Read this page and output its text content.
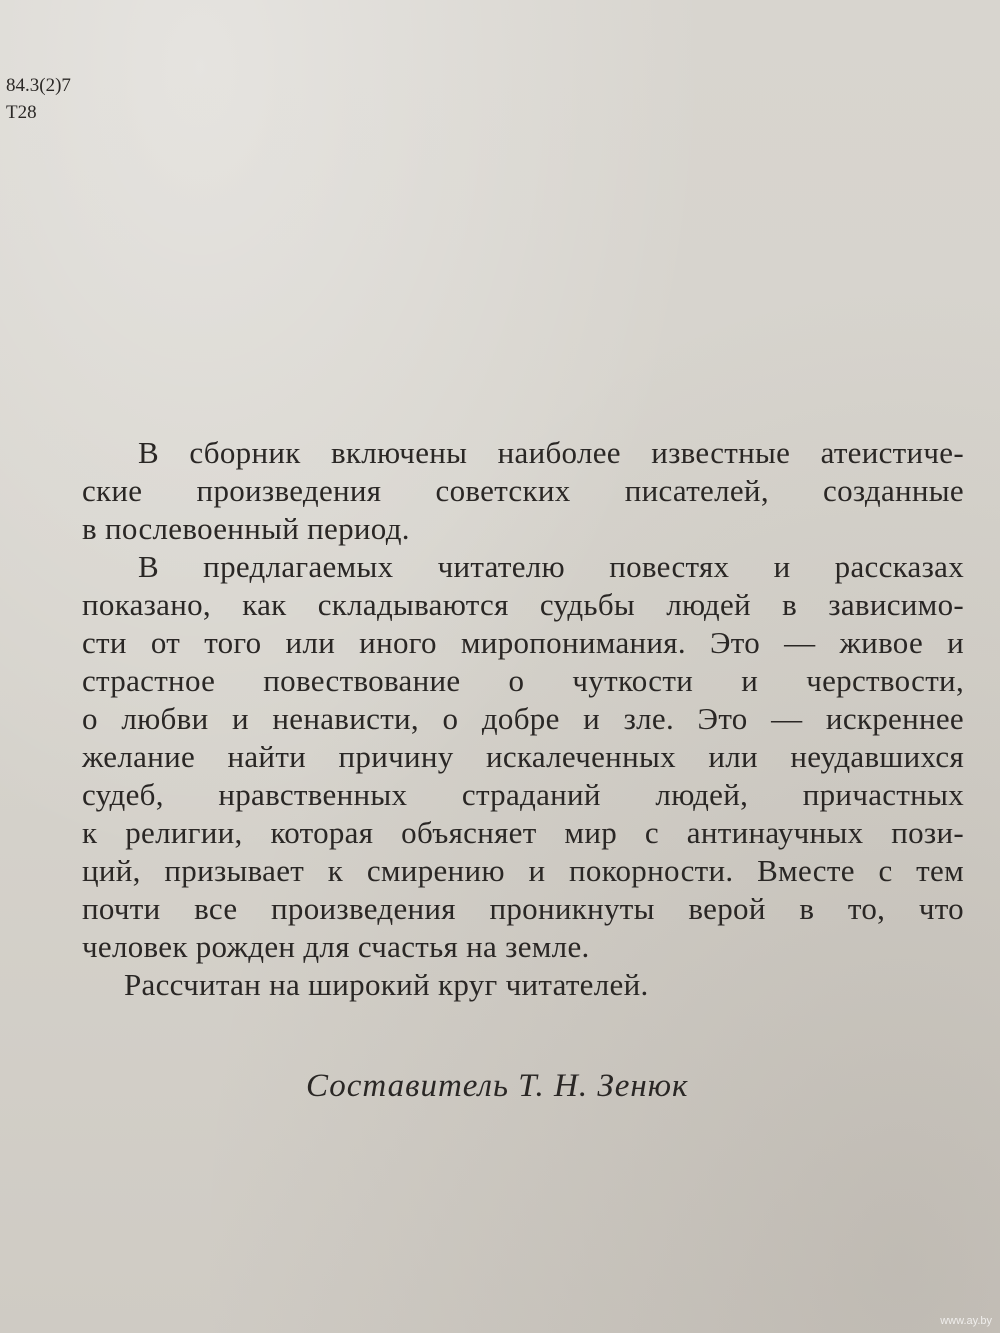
84.3(2)7
Т28
В сборник включены наиболее известные атеистиче-
ские произведения советских писателей, созданные
в послевоенный период.
В предлагаемых читателю повестях и рассказах
показано, как складываются судьбы людей в зависимо-
сти от того или иного миропонимания. Это — живое и
страстное повествование о чуткости и черствости,
о любви и ненависти, о добре и зле. Это — искреннее
желание найти причину искалеченных или неудавшихся
судеб, нравственных страданий людей, причастных
к религии, которая объясняет мир с антинаучных пози-
ций, призывает к смирению и покорности. Вместе с тем
почти все произведения проникнуты верой в то, что
человек рожден для счастья на земле.
Рассчитан на широкий круг читателей.
Составитель Т. Н. Зенюк
www.ay.by
